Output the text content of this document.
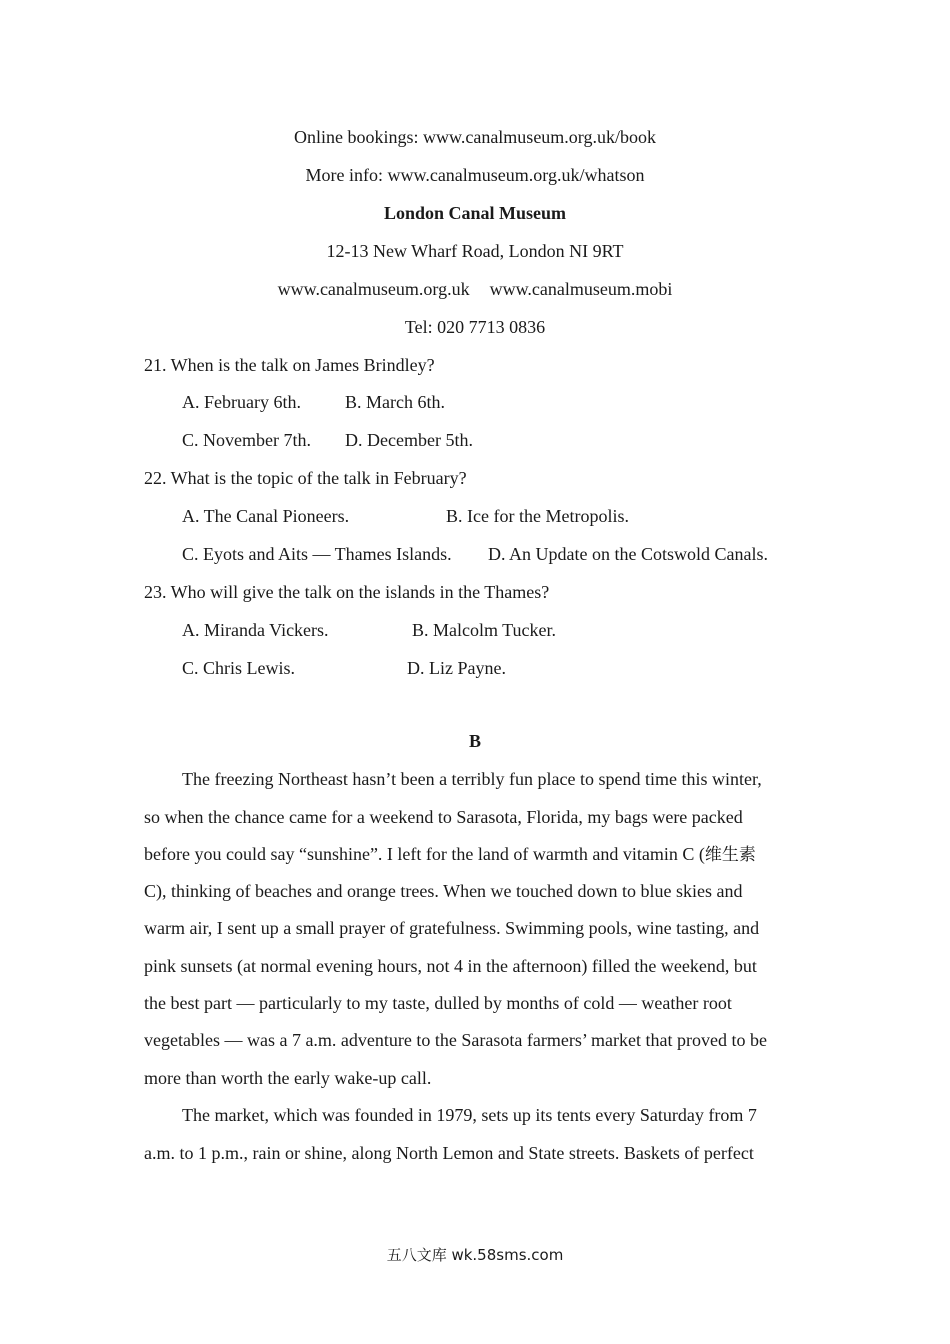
Online bookings: www.canalmuseum.org.uk/book
More info: www.canalmuseum.org.uk/whatson
London Canal Museum
12-13 New Wharf Road, London NI 9RT
www.canalmuseum.org.uk www.canalmuseum.mobi
Tel: 020 7713 0836
21. When is the talk on James Brindley?
A. February 6th. B. March 6th.
C. November 7th. D. December 5th.
22. What is the topic of the talk in February?
A. The Canal Pioneers.	B. Ice for the Metropolis.
C. Eyots and Aits — Thames Islands. D. An Update on the Cotswold Canals.
23. Who will give the talk on the islands in the Thames?
A. Miranda Vickers.	B. Malcolm Tucker.
C. Chris Lewis.	D. Liz Payne.
B
The freezing Northeast hasn’t been a terribly fun place to spend time this winter,
so when the chance came for a weekend to Sarasota, Florida, my bags were packed
before you could say “sunshine”. I left for the land of warmth and vitamin C (维生素
C), thinking of beaches and orange trees. When we touched down to blue skies and
warm air, I sent up a small prayer of gratefulness. Swimming pools, wine tasting, and
pink sunsets (at normal evening hours, not 4 in the afternoon) filled the weekend, but
the best part — particularly to my taste, dulled by months of cold — weather root
vegetables — was a 7 a.m. adventure to the Sarasota farmers’ market that proved to be
more than worth the early wake-up call.
The market, which was founded in 1979, sets up its tents every Saturday from 7
a.m. to 1 p.m., rain or shine, along North Lemon and State streets. Baskets of perfect
五八文库 wk.58sms.com
